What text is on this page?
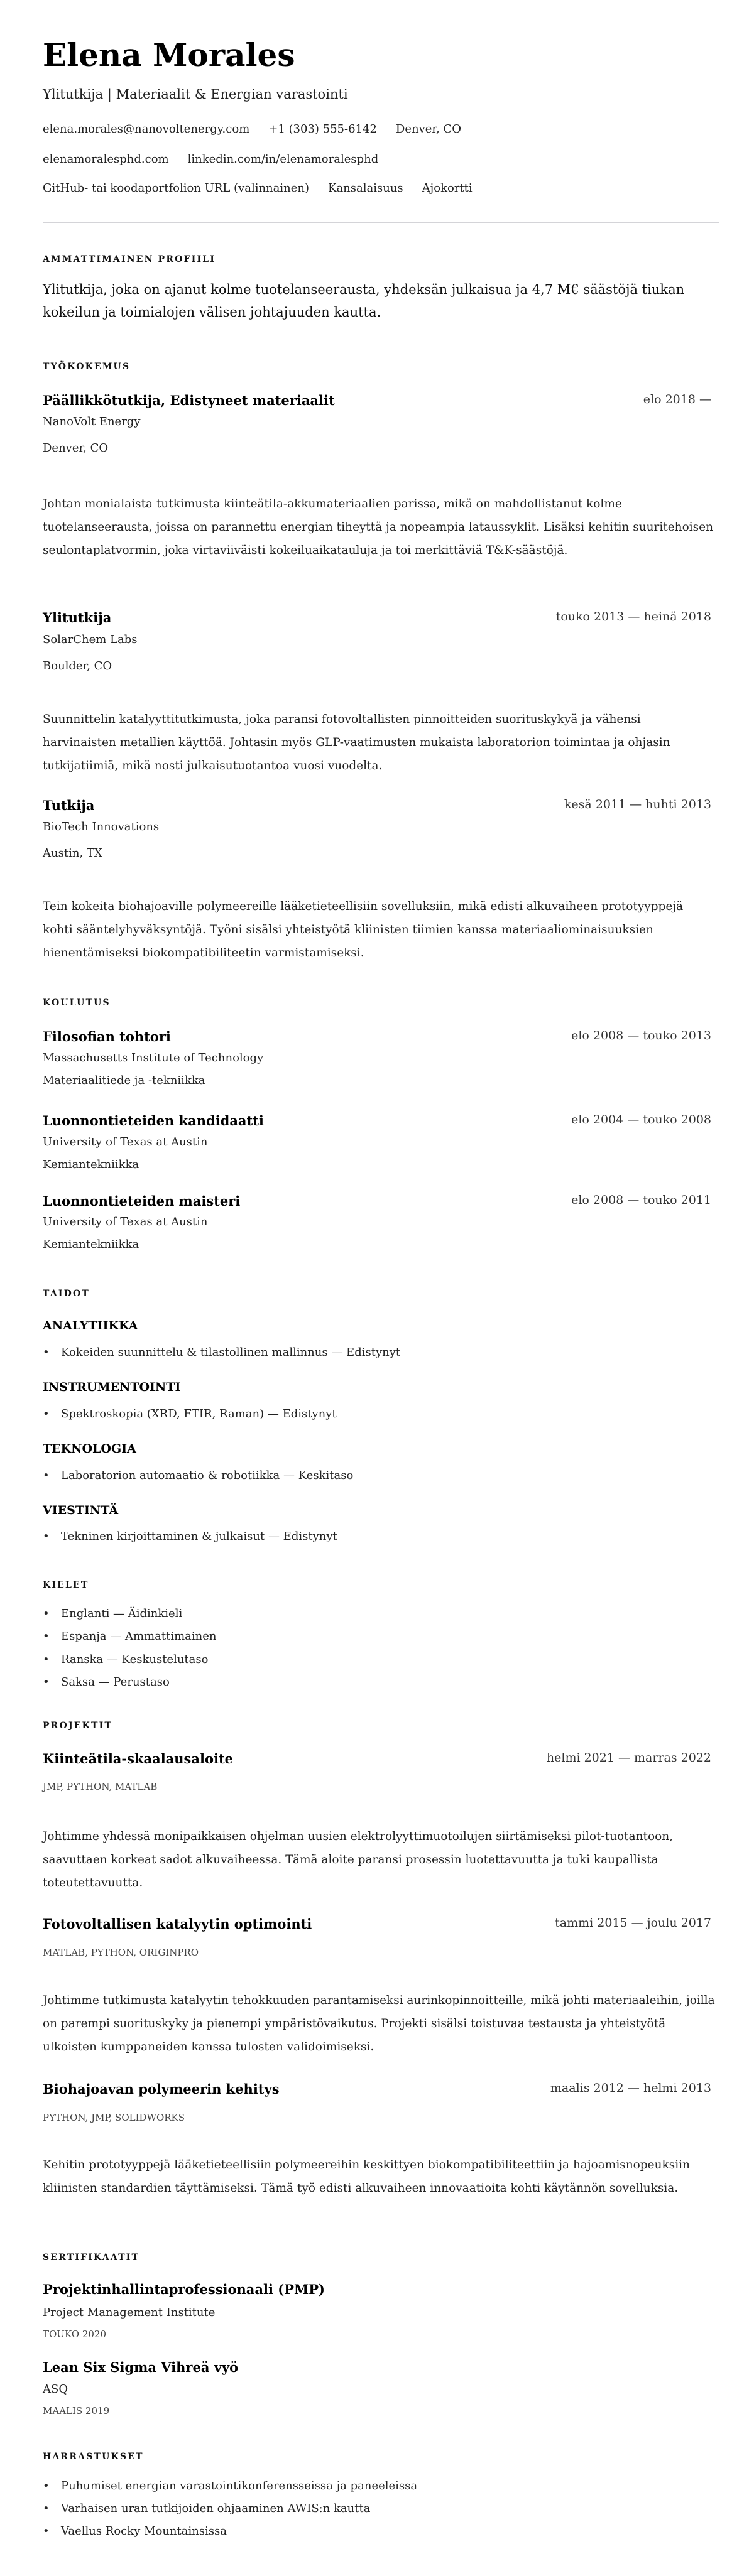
Elena Morales
Ylitutkija | Materiaalit & Energian varastointi
elena.morales@nanovoltenergy.com +1 (303) 555-6142 Denver, CO
elenamoralesphd.com linkedin.com/in/elenamoralesphd
GitHub- tai koodaportfolion URL (valinnainen) Kansalaisuus Ajokortti
AMMATTIMAINEN PROFIILI
Ylitutkija, joka on ajanut kolme tuotelanseerausta, yhdeksän julkaisua ja 4,7 M€ säästöjä tiukan kokeilun ja toimialojen välisen johtajuuden kautta.
TYÖKOKEMUS
Päällikkötutkija, Edistyneet materiaalit	elo 2018 —
NanoVolt Energy
Denver, CO
Johtan monialaista tutkimusta kiinteätila-akkumateriaalien parissa, mikä on mahdollistanut kolme tuotelanseerausta, joissa on parannettu energian tiheyttä ja nopeampia lataussyklit. Lisäksi kehitin suuritehoisen seulontaplatvormin, joka virtaviiväisti kokeiluaikatauluja ja toi merkittäviä T&K-säästöjä.
Ylitutkija	touko 2013 — heinä 2018
SolarChem Labs
Boulder, CO
Suunnittelin katalyyttitutkimusta, joka paransi fotovoltallisten pinnoitteiden suorituskykyä ja vähensi harvinaisten metallien käyttöä. Johtasin myös GLP-vaatimusten mukaista laboratorion toimintaa ja ohjasin tutkijatiimiä, mikä nosti julkaisutuotantoa vuosi vuodelta.
Tutkija	kesä 2011 — huhti 2013
BioTech Innovations
Austin, TX
Tein kokeita biohajoaville polymeereille lääketieteellisiin sovelluksiin, mikä edisti alkuvaiheen prototyyppejä kohti sääntelyhyväksyntöjä. Työni sisälsi yhteistyötä kliinisten tiimien kanssa materiaaliominaisuuksien hienentämiseksi biokompatibiliteetin varmistamiseksi.
KOULUTUS
Filosofian tohtori	elo 2008 — touko 2013
Massachusetts Institute of Technology
Materiaalitiede ja -tekniikka
Luonnontieteiden kandidaatti	elo 2004 — touko 2008
University of Texas at Austin
Kemiantekniikka
Luonnontieteiden maisteri	elo 2008 — touko 2011
University of Texas at Austin
Kemiantekniikka
TAIDOT
ANALYTIIKKA
• Kokeiden suunnittelu & tilastollinen mallinnus — Edistynyt
INSTRUMENTOINTI
• Spektroskopia (XRD, FTIR, Raman) — Edistynyt
TEKNOLOGIA
• Laboratorion automaatio & robotiikka — Keskitaso
VIESTINTÄ
• Tekninen kirjoittaminen & julkaisut — Edistynyt
KIELET
• Englanti — Äidinkieli
• Espanja — Ammattimainen
• Ranska — Keskustelutaso
• Saksa — Perustaso
PROJEKTIT
Kiinteätila-skaalausaloite	helmi 2021 — marras 2022
JMP, PYTHON, MATLAB
Johtimme yhdessä monipaikkaisen ohjelman uusien elektrolyyttimuotoilujen siirtämiseksi pilot-tuotantoon, saavuttaen korkeat sadot alkuvaiheessa. Tämä aloite paransi prosessin luotettavuutta ja tuki kaupallista toteutettavuutta.
Fotovoltallisen katalyytin optimointi	tammi 2015 — joulu 2017
MATLAB, PYTHON, ORIGINPRO
Johtimme tutkimusta katalyytin tehokkuuden parantamiseksi aurinkopinnoitteille, mikä johti materiaaleihin, joilla on parempi suorituskyky ja pienempi ympäristövaikutus. Projekti sisälsi toistuvaa testausta ja yhteistyötä ulkoisten kumppaneiden kanssa tulosten validoimiseksi.
Biohajoavan polymeerin kehitys	maalis 2012 — helmi 2013
PYTHON, JMP, SOLIDWORKS
Kehitin prototyyppejä lääketieteellisiin polymeereihin keskittyen biokompatibiliteettiin ja hajoamisnopeuksiin kliinisten standardien täyttämiseksi. Tämä työ edisti alkuvaiheen innovaatioita kohti käytännön sovelluksia.
SERTIFIKAATIT
Projektinhallintaprofessionaali (PMP)
Project Management Institute
TOUKO 2020
Lean Six Sigma Vihreä vyö
ASQ
MAALIS 2019
HARRASTUKSET
• Puhumiset energian varastointikonferensseissa ja paneeleissa
• Varhaisen uran tutkijoiden ohjaaminen AWIS:n kautta
• Vaellus Rocky Mountainsissa
